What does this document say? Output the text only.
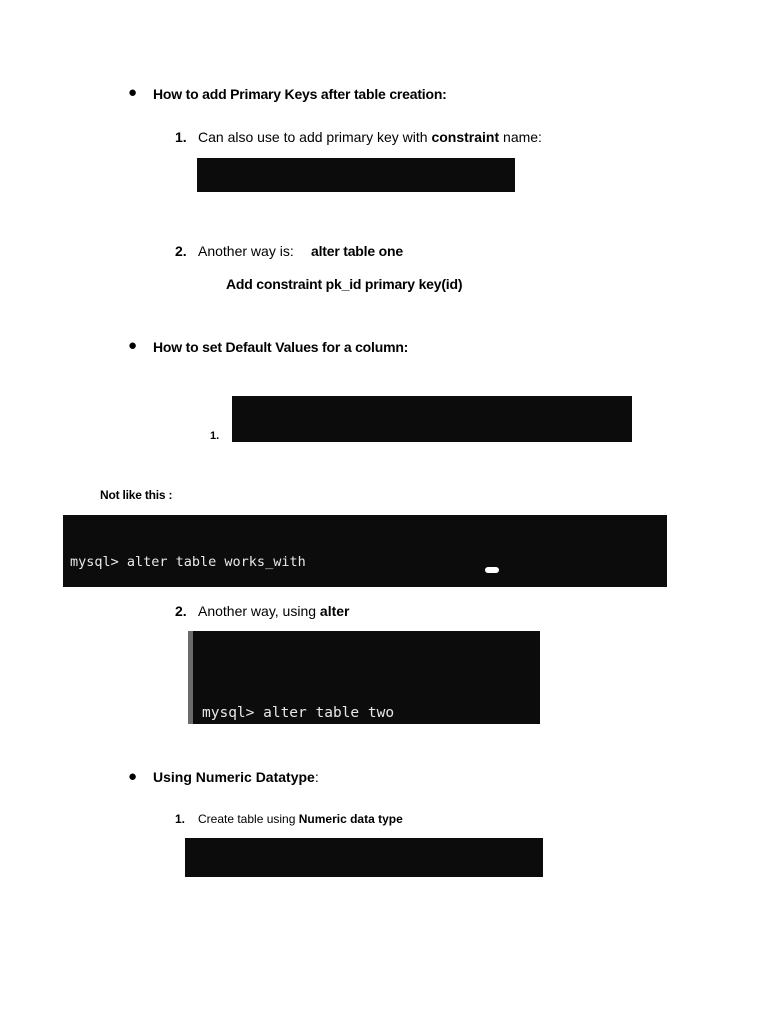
● How to add Primary Keys after table creation:
1. Can also use to add primary key with constraint name:

2. Another way is: alter table one
Add constraint pk_id primary key(id)
● How to set Default Values for a column:
1.

Not like this :

mysql> alter table works_with

2. Another way, using alter

mysql> alter table two

● Using Numeric Datatype:
1. Create table using Numeric data type
